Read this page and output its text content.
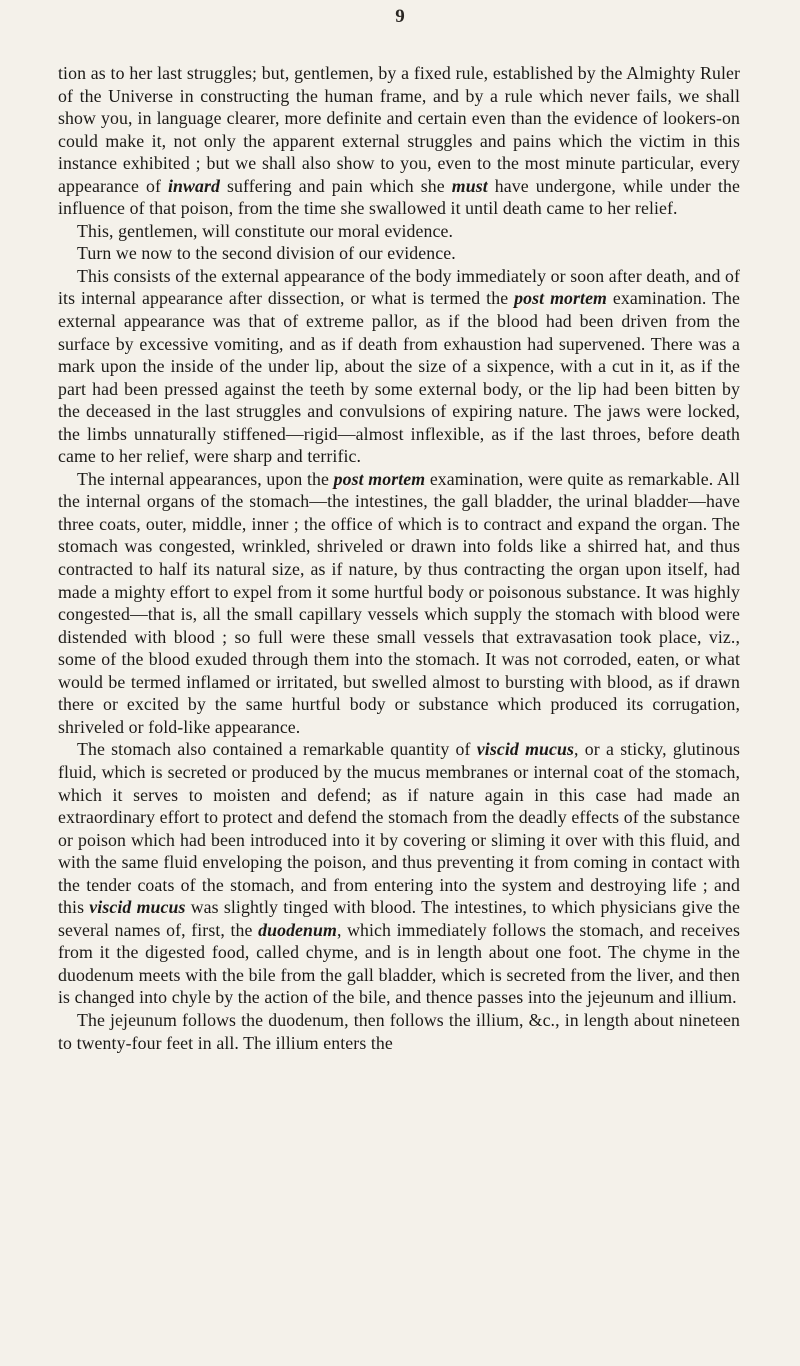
9

tion as to her last struggles; but, gentlemen, by a fixed rule, established by the Almighty Ruler of the Universe in constructing the human frame, and by a rule which never fails, we shall show you, in language clearer, more definite and certain even than the evidence of lookers-on could make it, not only the apparent external struggles and pains which the victim in this instance exhibited ; but we shall also show to you, even to the most minute particular, every appearance of inward suffering and pain which she must have undergone, while under the influence of that poison, from the time she swallowed it until death came to her relief.

This, gentlemen, will constitute our moral evidence.

Turn we now to the second division of our evidence.

This consists of the external appearance of the body immediately or soon after death, and of its internal appearance after dissection, or what is termed the post mortem examination. The external appearance was that of extreme pallor, as if the blood had been driven from the surface by excessive vomiting, and as if death from exhaustion had supervened. There was a mark upon the inside of the under lip, about the size of a sixpence, with a cut in it, as if the part had been pressed against the teeth by some external body, or the lip had been bitten by the deceased in the last struggles and convulsions of expiring nature. The jaws were locked, the limbs unnaturally stiffened—rigid—almost inflexible, as if the last throes, before death came to her relief, were sharp and terrific.

The internal appearances, upon the post mortem examination, were quite as remarkable. All the internal organs of the stomach—the intestines, the gall bladder, the urinal bladder—have three coats, outer, middle, inner ; the office of which is to contract and expand the organ. The stomach was congested, wrinkled, shriveled or drawn into folds like a shirred hat, and thus contracted to half its natural size, as if nature, by thus contracting the organ upon itself, had made a mighty effort to expel from it some hurtful body or poisonous substance. It was highly congested—that is, all the small capillary vessels which supply the stomach with blood were distended with blood ; so full were these small vessels that extravasation took place, viz., some of the blood exuded through them into the stomach. It was not corroded, eaten, or what would be termed inflamed or irritated, but swelled almost to bursting with blood, as if drawn there or excited by the same hurtful body or substance which produced its corrugation, shriveled or fold-like appearance.

The stomach also contained a remarkable quantity of viscid mucus, or a sticky, glutinous fluid, which is secreted or produced by the mucus membranes or internal coat of the stomach, which it serves to moisten and defend; as if nature again in this case had made an extraordinary effort to protect and defend the stomach from the deadly effects of the substance or poison which had been introduced into it by covering or sliming it over with this fluid, and with the same fluid enveloping the poison, and thus preventing it from coming in contact with the tender coats of the stomach, and from entering into the system and destroying life ; and this viscid mucus was slightly tinged with blood. The intestines, to which physicians give the several names of, first, the duodenum, which immediately follows the stomach, and receives from it the digested food, called chyme, and is in length about one foot. The chyme in the duodenum meets with the bile from the gall bladder, which is secreted from the liver, and then is changed into chyle by the action of the bile, and thence passes into the jejeunum and illium.

The jejeunum follows the duodenum, then follows the illium, &c., in length about nineteen to twenty-four feet in all. The illium enters the
